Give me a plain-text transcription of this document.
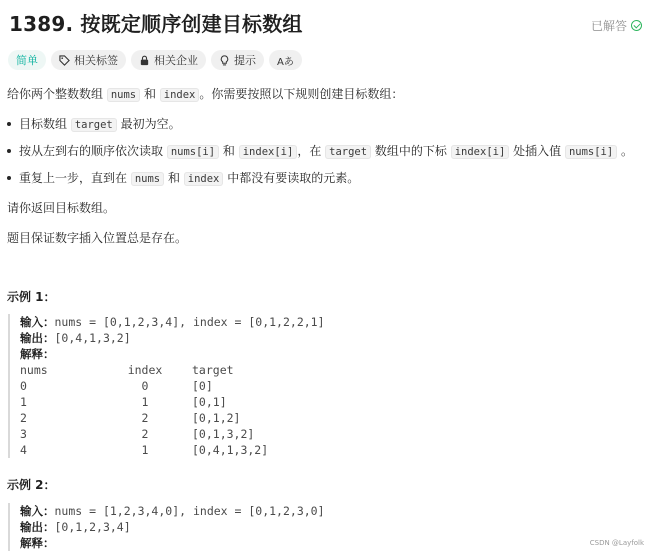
1389. 按既定顺序创建目标数组	已解答
简单	相关标签	相关企业	提示 Aあ
给你两个整数数组 nums 和 index 。你需要按照以下规则创建目标数组：
目标数组 target 最初为空。
按从左到右的顺序依次读取 nums[i] 和 index[i] ，在 target 数组中的下标 index[i] 处插入值 nums[i] 。
重复上一步，直到在 nums 和 index 中都没有要读取的元素。
请你返回目标数组。
题目保证数字插入位置总是存在。
示例 1：
输入：nums = [0,1,2,3,4], index = [0,1,2,2,1]
输出：[0,4,1,3,2]
解释：
nums	index	target
0	0	[0]
1	1	[0,1]
2	2	[0,1,2]
3	2	[0,1,3,2]
4	1	[0,4,1,3,2]
示例 2：
输入：nums = [1,2,3,4,0], index = [0,1,2,3,0]
输出：[0,1,2,3,4]
解释：	CSDN @Layfolk
